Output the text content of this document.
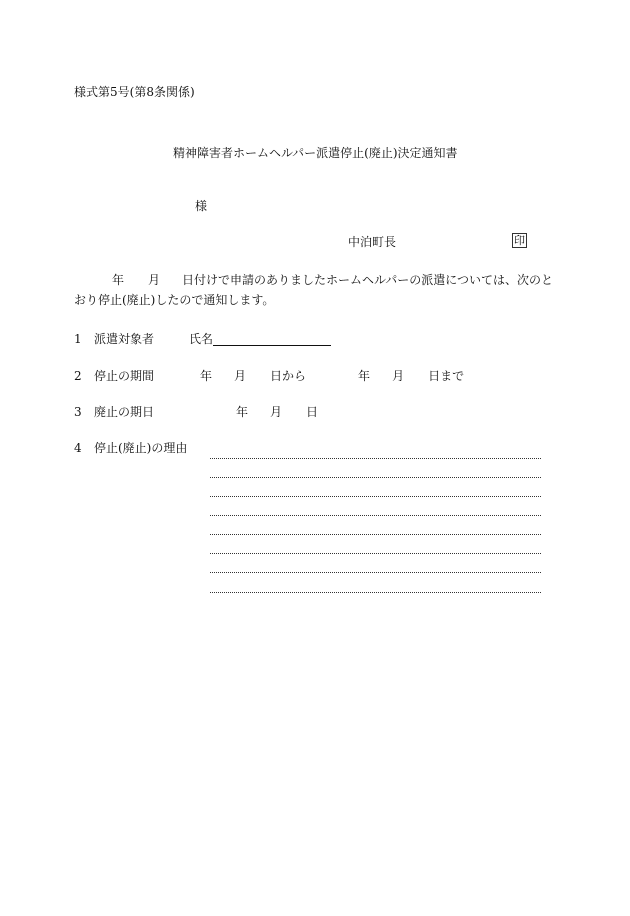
様式第5号(第8条関係)
精神障害者ホームヘルパー派遣停止(廃止)決定通知書
様
中泊町長	印
年 月 日付けで申請のありましたホームヘルパーの派遣については、次のと
おり停止(廃止)したので通知します。
1 派遣対象者	氏名
2 停止の期間	年 月 日から	年 月 日まで
3 廃止の期日	年 月 日
4 停止(廃止)の理由
